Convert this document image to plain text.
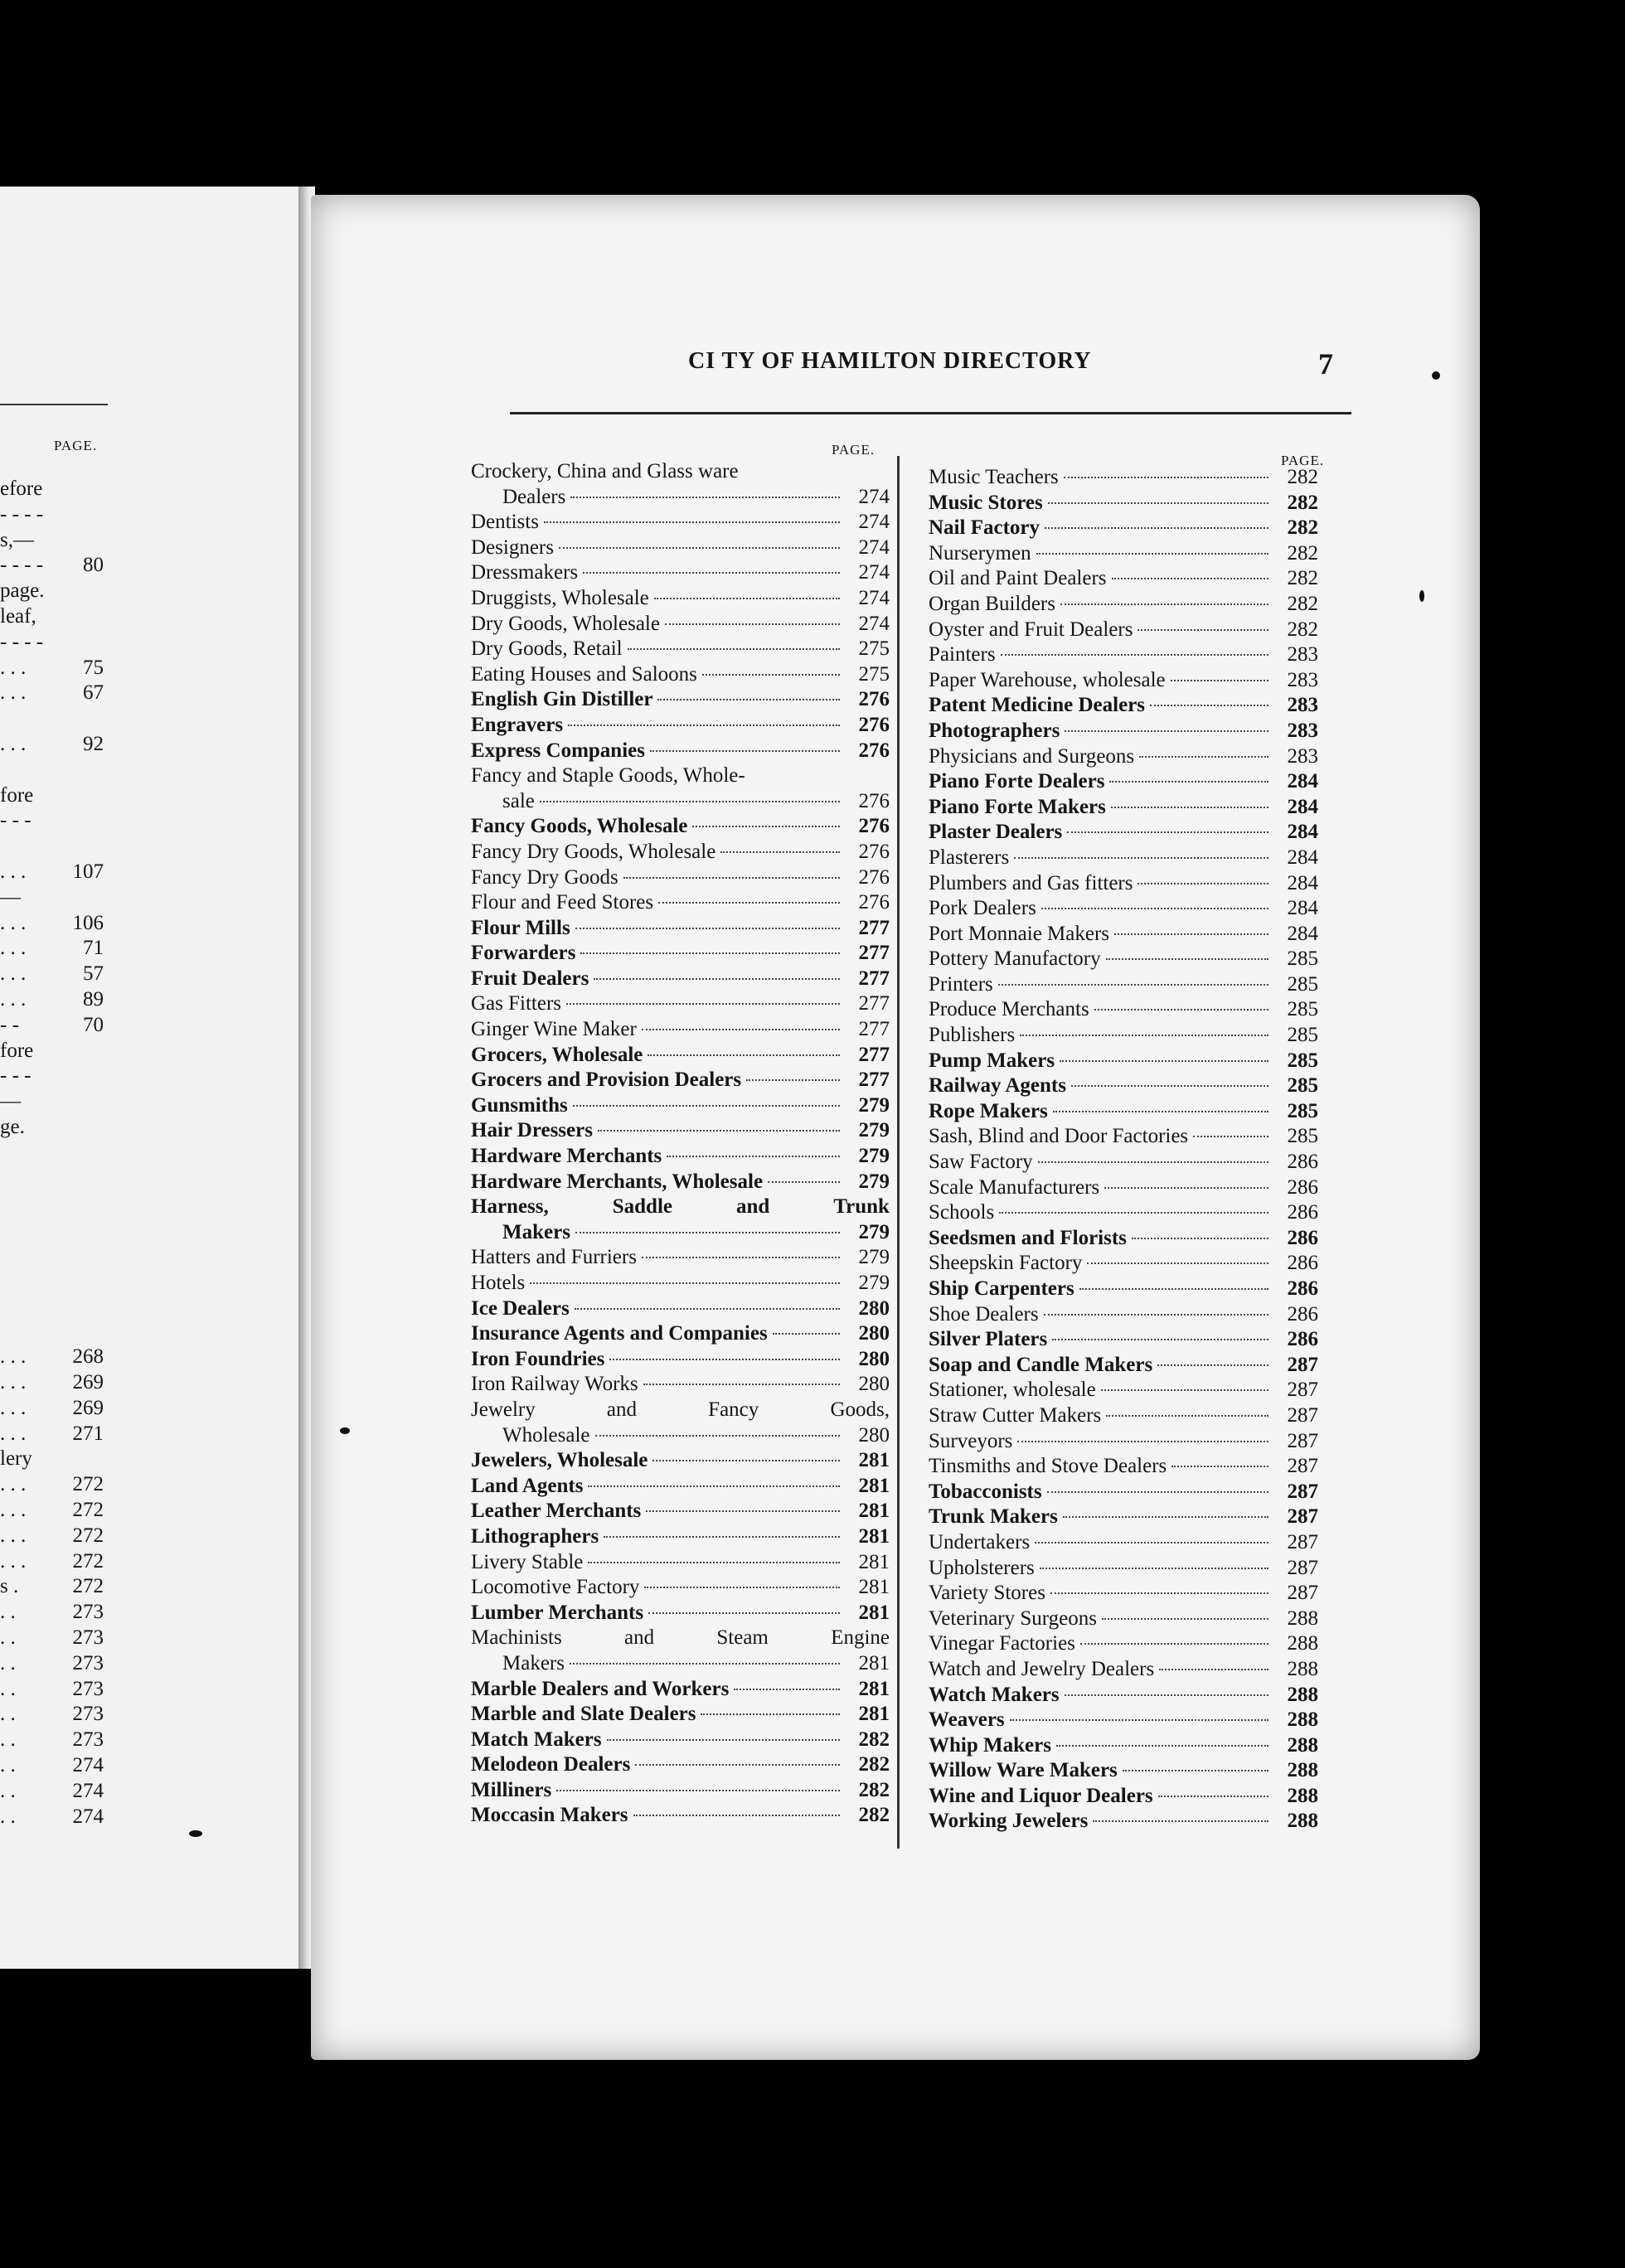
PAGE.
efore
- - - -
s,—
- - - - 80
page.
leaf,
- - - -
. . .	75
. . .	67
. . .	92
fore
- - -
. . . 107
—
. . . 106
. . .	71
. . .	57
. . .	89
- -	70
fore
- - -
—
ge.
. . . 268
. . . 269
. . . 269
. . . 271
lery
. . . 272
. . . 272
. . . 272
. . . 272
s .	272
. .	273
. .	273
. .	273
. .	273
. .	273
. .	273
. .	274
. .	274
. .	274
CI TY OF HAMILTON DIRECTORY	7
PAGE.
PAGE.
Crockery, China and Glass ware
Dealers	274
Dentists	274
Designers	274
Dressmakers	274
Druggists, Wholesale	274
Dry Goods, Wholesale	274
Dry Goods, Retail	275
Eating Houses and Saloons	275
English Gin Distiller	276
Engravers	276
Express Companies	276
Fancy and Staple Goods, Whole-
sale	276
Fancy Goods, Wholesale	276
Fancy Dry Goods, Wholesale	276
Fancy Dry Goods	276
Flour and Feed Stores	276
Flour Mills	277
Forwarders	277
Fruit Dealers	277
Gas Fitters	277
Ginger Wine Maker	277
Grocers, Wholesale	277
Grocers and Provision Dealers	277
Gunsmiths	279
Hair Dressers	279
Hardware Merchants	279
Hardware Merchants, Wholesale	279
Harness,	Saddle	and	Trunk
Makers	279
Hatters and Furriers	279
Hotels	279
Ice Dealers	280
Insurance Agents and Companies	280
Iron Foundries	280
Iron Railway Works	280
Jewelry	and	Fancy	Goods,
Wholesale	280
Jewelers, Wholesale	281
Land Agents	281
Leather Merchants	281
Lithographers	281
Livery Stable	281
Locomotive Factory	281
Lumber Merchants	281
Machinists	and	Steam	Engine
Makers	281
Marble Dealers and Workers	281
Marble and Slate Dealers	281
Match Makers	282
Melodeon Dealers	282
Milliners	282
Moccasin Makers	282
Music Teachers	282
Music Stores	282
Nail Factory	282
Nurserymen	282
Oil and Paint Dealers	282
Organ Builders	282
Oyster and Fruit Dealers	282
Painters	283
Paper Warehouse, wholesale	283
Patent Medicine Dealers	283
Photographers	283
Physicians and Surgeons	283
Piano Forte Dealers	284
Piano Forte Makers	284
Plaster Dealers	284
Plasterers	284
Plumbers and Gas fitters	284
Pork Dealers	284
Port Monnaie Makers	284
Pottery Manufactory	285
Printers	285
Produce Merchants	285
Publishers	285
Pump Makers	285
Railway Agents	285
Rope Makers	285
Sash, Blind and Door Factories	285
Saw Factory	286
Scale Manufacturers	286
Schools	286
Seedsmen and Florists	286
Sheepskin Factory	286
Ship Carpenters	286
Shoe Dealers	286
Silver Platers	286
Soap and Candle Makers	287
Stationer, wholesale	287
Straw Cutter Makers	287
Surveyors	287
Tinsmiths and Stove Dealers	287
Tobacconists	287
Trunk Makers	287
Undertakers	287
Upholsterers	287
Variety Stores	287
Veterinary Surgeons	288
Vinegar Factories	288
Watch and Jewelry Dealers	288
Watch Makers	288
Weavers	288
Whip Makers	288
Willow Ware Makers	288
Wine and Liquor Dealers	288
Working Jewelers	288
